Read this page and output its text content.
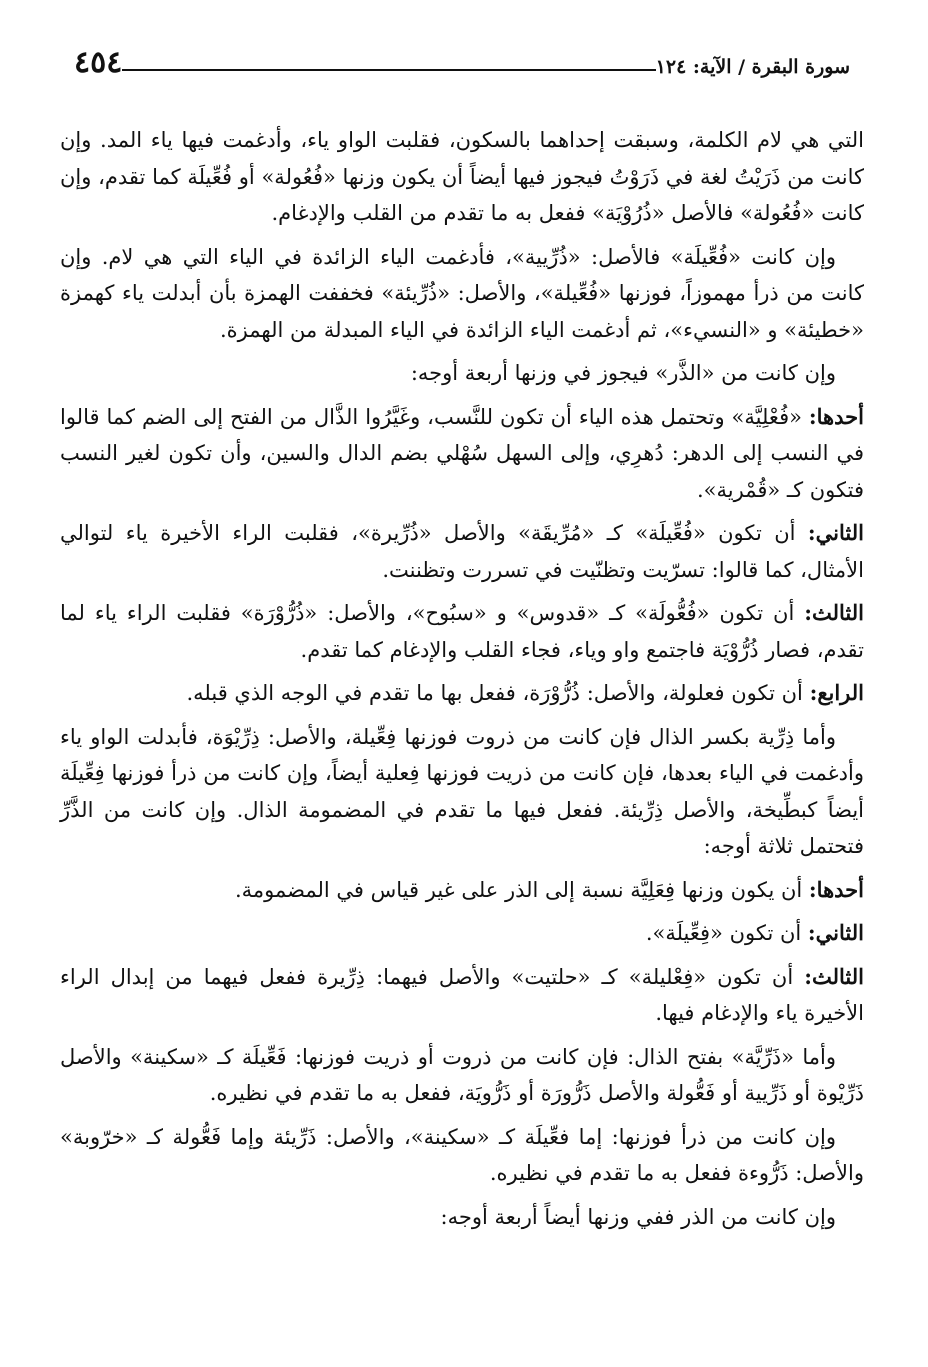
٤٥٤	سورة البقرة / الآية: ١٢٤

التي هي لام الكلمة، وسبقت إحداهما بالسكون، فقلبت الواو ياء، وأدغمت فيها ياء المد. وإن كانت من ذَرَيْتُ لغة في ذَرَوْتُ فيجوز فيها أيضاً أن يكون وزنها «فُعُولة» أو فُعِّيلَة كما تقدم، وإن كانت «فُعُولة» فالأصل «ذُرُوْيَة» ففعل به ما تقدم من القلب والإدغام.

وإن كانت «فُعِّيلَة» فالأصل: «ذُرِّيية»، فأدغمت الياء الزائدة في الياء التي هي لام. وإن كانت من ذرأ مهموزاً، فوزنها «فُعِّيلة»، والأصل: «ذُرِّيئة» فخففت الهمزة بأن أبدلت ياء كهمزة «خطيئة» و «النسيء»، ثم أدغمت الياء الزائدة في الياء المبدلة من الهمزة.

وإن كانت من «الذَّر» فيجوز في وزنها أربعة أوجه:

أحدها: «فُعْلِيَّة» وتحتمل هذه الياء أن تكون للنَّسب، وغَيَّرُوا الذَّال من الفتح إلى الضم كما قالوا في النسب إلى الدهر: دُهرِي، وإلى السهل سُهْلي بضم الدال والسين، وأن تكون لغير النسب فتكون كـ «قُمْرية».

الثاني: أن تكون «فُعِّيلَة» كـ «مُرِّيقَة» والأصل «ذُرِّيرة»، فقلبت الراء الأخيرة ياء لتوالي الأمثال، كما قالوا: تسرّيت وتظنّيت في تسررت وتظننت.

الثالث: أن تكون «فُعُّولَة» كـ «قدوس» و «سبُوح»، والأصل: «ذُرُّوْرَة» فقلبت الراء ياء لما تقدم، فصار ذُرُّوْيَة فاجتمع واو وياء، فجاء القلب والإدغام كما تقدم.

الرابع: أن تكون فعلولة، والأصل: ذُرُّوْرَة، ففعل بها ما تقدم في الوجه الذي قبله.

وأما ذِرِّية بكسر الذال فإن كانت من ذروت فوزنها فِعِّيلة، والأصل: ذِرِّيْوَة، فأبدلت الواو ياء وأدغمت في الياء بعدها، فإن كانت من ذريت فوزنها فِعلية أيضاً، وإن كانت من ذرأ فوزنها فِعِّيلَة أيضاً كبطِّيخة، والأصل ذِرِّيئة. ففعل فيها ما تقدم في المضمومة الذال. وإن كانت من الذَّرِّ فتحتمل ثلاثة أوجه:

أحدها: أن يكون وزنها فِعَلِيَّة نسبة إلى الذر على غير قياس في المضمومة.

الثاني: أن تكون «فِعِّيلَة».

الثالث: أن تكون «فِعْليلة» كـ «حلتيت» والأصل فيهما: ذِرِّيرة ففعل فيهما من إبدال الراء الأخيرة ياء والإدغام فيها.

وأما «ذَرِّيَّة» بفتح الذال: فإن كانت من ذروت أو ذريت فوزنها: فَعِّيلَة كـ «سكينة» والأصل ذَرِّيْوة أو ذَرِّيية أو فَعُّولة والأصل ذَرُّورَة أو ذَرُّويَة، ففعل به ما تقدم في نظيره.

وإن كانت من ذرأ فوزنها: إما فعِّيلَة كـ «سكينة»، والأصل: ذَرِّيئة وإما فَعُّولة كـ «خرّوبة» والأصل: ذَرُّوءة ففعل به ما تقدم في نظيره.

وإن كانت من الذر ففي وزنها أيضاً أربعة أوجه:
